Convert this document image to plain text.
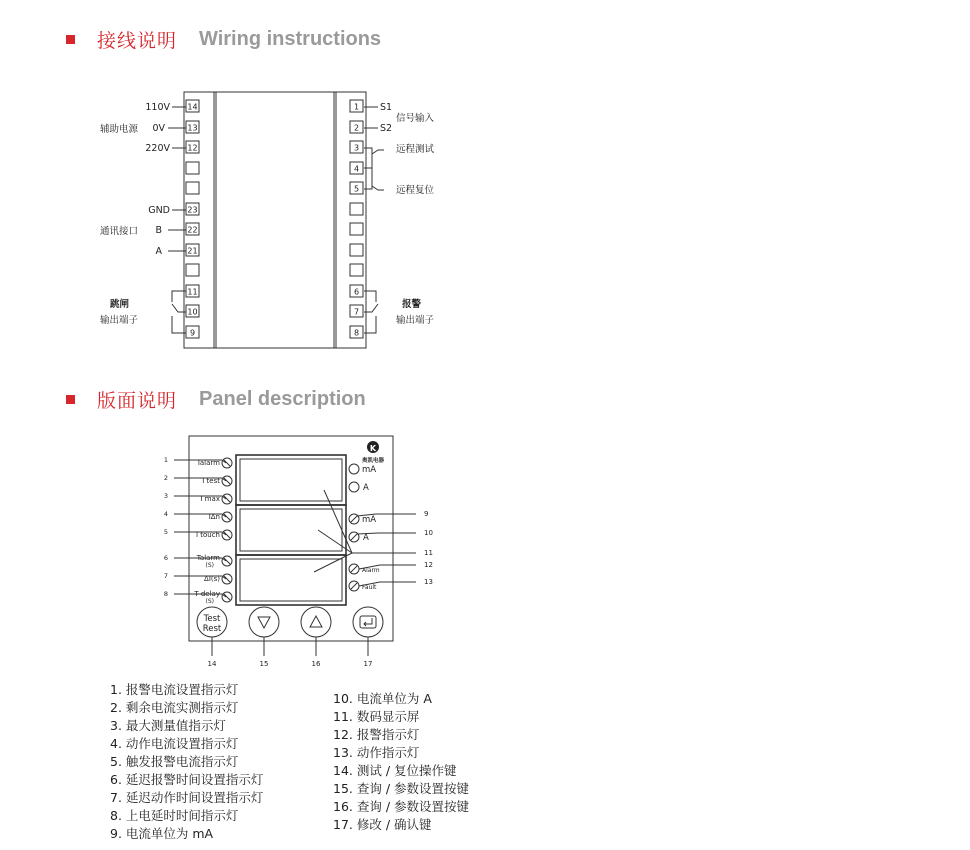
接线说明 Wiring instructions
14
13
12
23
22
21
11
10
9
1
2
3
4
5
6
7
8
110V
0V
220V
GND
B
A
S1
S2
辅助电源
通讯接口
跳闸
输出端子
信号输入
远程测试
远程复位
报警
输出端子
版面说明 Panel description
K
奥凯电器
1	Ialarm
2	I test
3	I max
4	IΔn
5	I touch
6	Talarm
(S)
7	ΔI(s)
8	T delay
(S)
mA
A
mA
A
Alarm
Fault
9
10
11
12
13
Test
Rest
14	15	16	17
1. 报警电流设置指示灯
2. 剩余电流实测指示灯
3. 最大测量值指示灯
4. 动作电流设置指示灯
5. 触发报警电流指示灯
6. 延迟报警时间设置指示灯
7. 延迟动作时间设置指示灯
8. 上电延时时间指示灯
9. 电流单位为 mA
10. 电流单位为 A
11. 数码显示屏
12. 报警指示灯
13. 动作指示灯
14. 测试 / 复位操作键
15. 查询 / 参数设置按键
16. 查询 / 参数设置按键
17. 修改 / 确认键
